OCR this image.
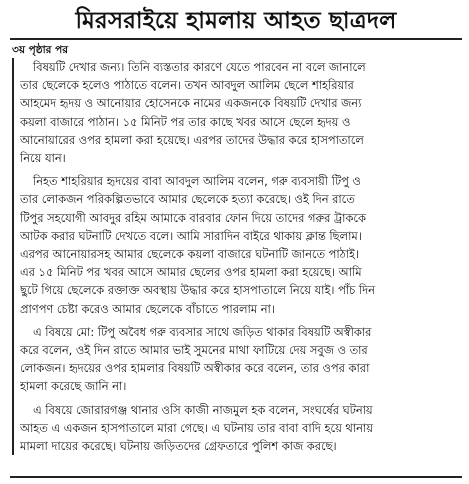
মিরসরাইয়ে হামলায় আহত ছাত্রদল
৩য় পৃষ্ঠার পর
বিষয়টি দেখার জন্য। তিনি ব্যস্ততার কারণে যেতে পারবেন না বলে জানালে
তার ছেলেকে হলেও পাঠাতে বলেন। তখন আবদুল আলিম ছেলে শাহরিয়ার
আহমেদ হৃদয় ও আনোয়ার হোসেনকে নামের একজনকে বিষয়টি দেখার জন্য
কয়লা বাজারে পাঠান। ১৫ মিনিট পর তার কাছে খবর আসে ছেলে হৃদয় ও
আনোয়ারের ওপর হামলা করা হয়েছে। এরপর তাদের উদ্ধার করে হাসপাতালে
নিয়ে যান।
নিহত শাহরিয়ার হৃদয়ের বাবা আবদুল আলিম বলেন, গরু ব্যবসায়ী টিপু ও
তার লোকজন পরিকল্পিতভাবে আমার ছেলেকে হত্যা করেছে। ওই দিন রাতে
টিপুর সহযোগী আবদুর রহিম আমাকে বারবার ফোন দিয়ে তাদের গরুর ট্রাককে
আটক করার ঘটনাটি দেখতে বলে। আমি সারাদিন বাইরে থাকায় ক্লান্ত ছিলাম।
এরপর আনোয়ারসহ আমার ছেলেকে কয়লা বাজারে ঘটনাটি জানতে পাঠাই।
এর ১৫ মিনিট পর খবর আসে আমার ছেলের ওপর হামলা করা হয়েছে। আমি
ছুটে গিয়ে ছেলেকে রক্তাক্ত অবস্থায় উদ্ধার করে হাসপাতালে নিয়ে যাই। পাঁচ দিন
প্রাণপণ চেষ্টা করেও আমার ছেলেকে বাঁচাতে পারলাম না।
এ বিষয়ে মো: টিপু অবৈধ গরু ব্যবসার সাথে জড়িত থাকার বিষয়টি অস্বীকার
করে বলেন, ওই দিন রাতে আমার ভাই সুমনের মাথা ফাটিয়ে দেয় সবুজ ও তার
লোকজন। হৃদয়ের ওপর হামলার বিষয়টি অস্বীকার করে বলেন, তার ওপর কারা
হামলা করেছে জানি না।
এ বিষয়ে জোরারগঞ্জ থানার ওসি কাজী নাজমুল হক বলেন, সংঘর্ষের ঘটনায়
আহত এ একজন হাসপাতালে মারা গেছে। এ ঘটনায় তার বাবা বাদি হয়ে থানায়
মামলা দায়ের করেছে। ঘটনায় জড়িতদের গ্রেফতারে পুলিশ কাজ করছে।
